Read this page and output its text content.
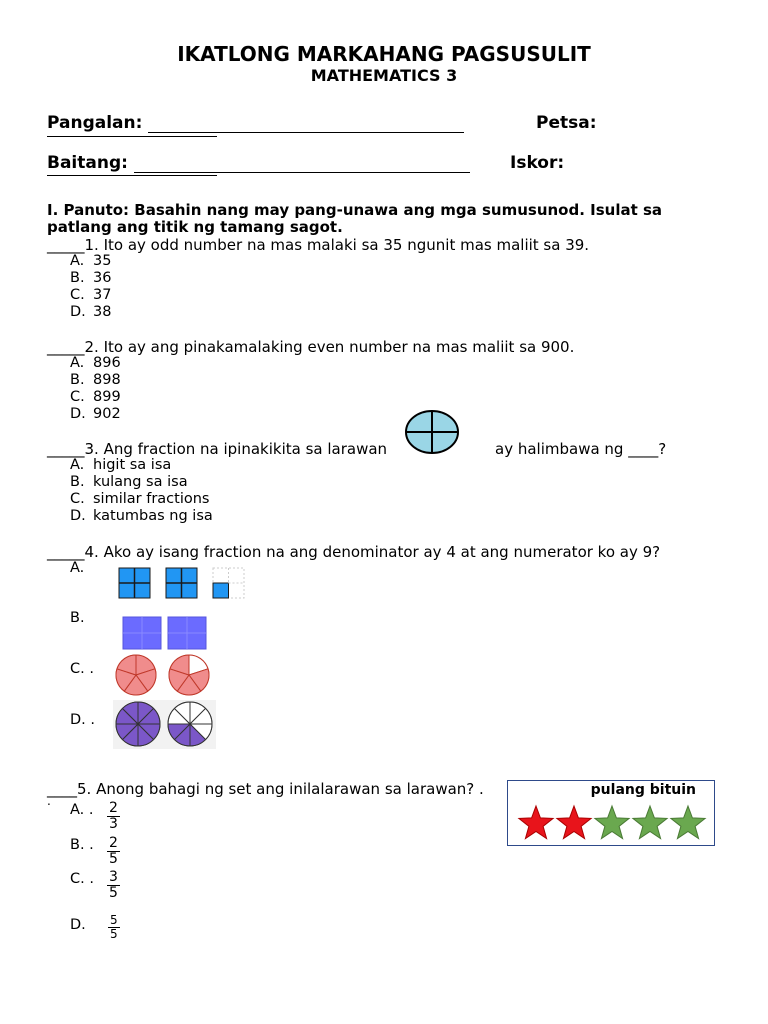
IKATLONG MARKAHANG PAGSUSULIT
MATHEMATICS 3
Pangalan:	Petsa:
Baitang:	Iskor:
I. Panuto: Basahin nang may pang-unawa ang mga sumusunod. Isulat sa patlang ang titik ng tamang sagot.
_____1. Ito ay odd number na mas malaki sa 35 ngunit mas maliit sa 39.
A. 35
B. 36
C. 37
D. 38
_____2. Ito ay ang pinakamalaking even number na mas maliit sa 900.
A. 896
B. 898
C. 899
D. 902
_____3. Ang fraction na ipinakikita sa larawan	ay halimbawa ng ____?
A. higit sa isa
B. kulang sa isa
C. similar fractions
D. katumbas ng isa
_____4. Ako ay isang fraction na ang denominator ay 4 at ang numerator ko ay 9?
A.
B.
C. .
D. .
____5. Anong bahagi ng set ang inilalarawan sa larawan? .
.
pulang bituin
A. . $\frac{2}{3}$
B. . $\frac{2}{5}$
C. . $\frac{3}{5}$
D. $\frac{5}{5}$
